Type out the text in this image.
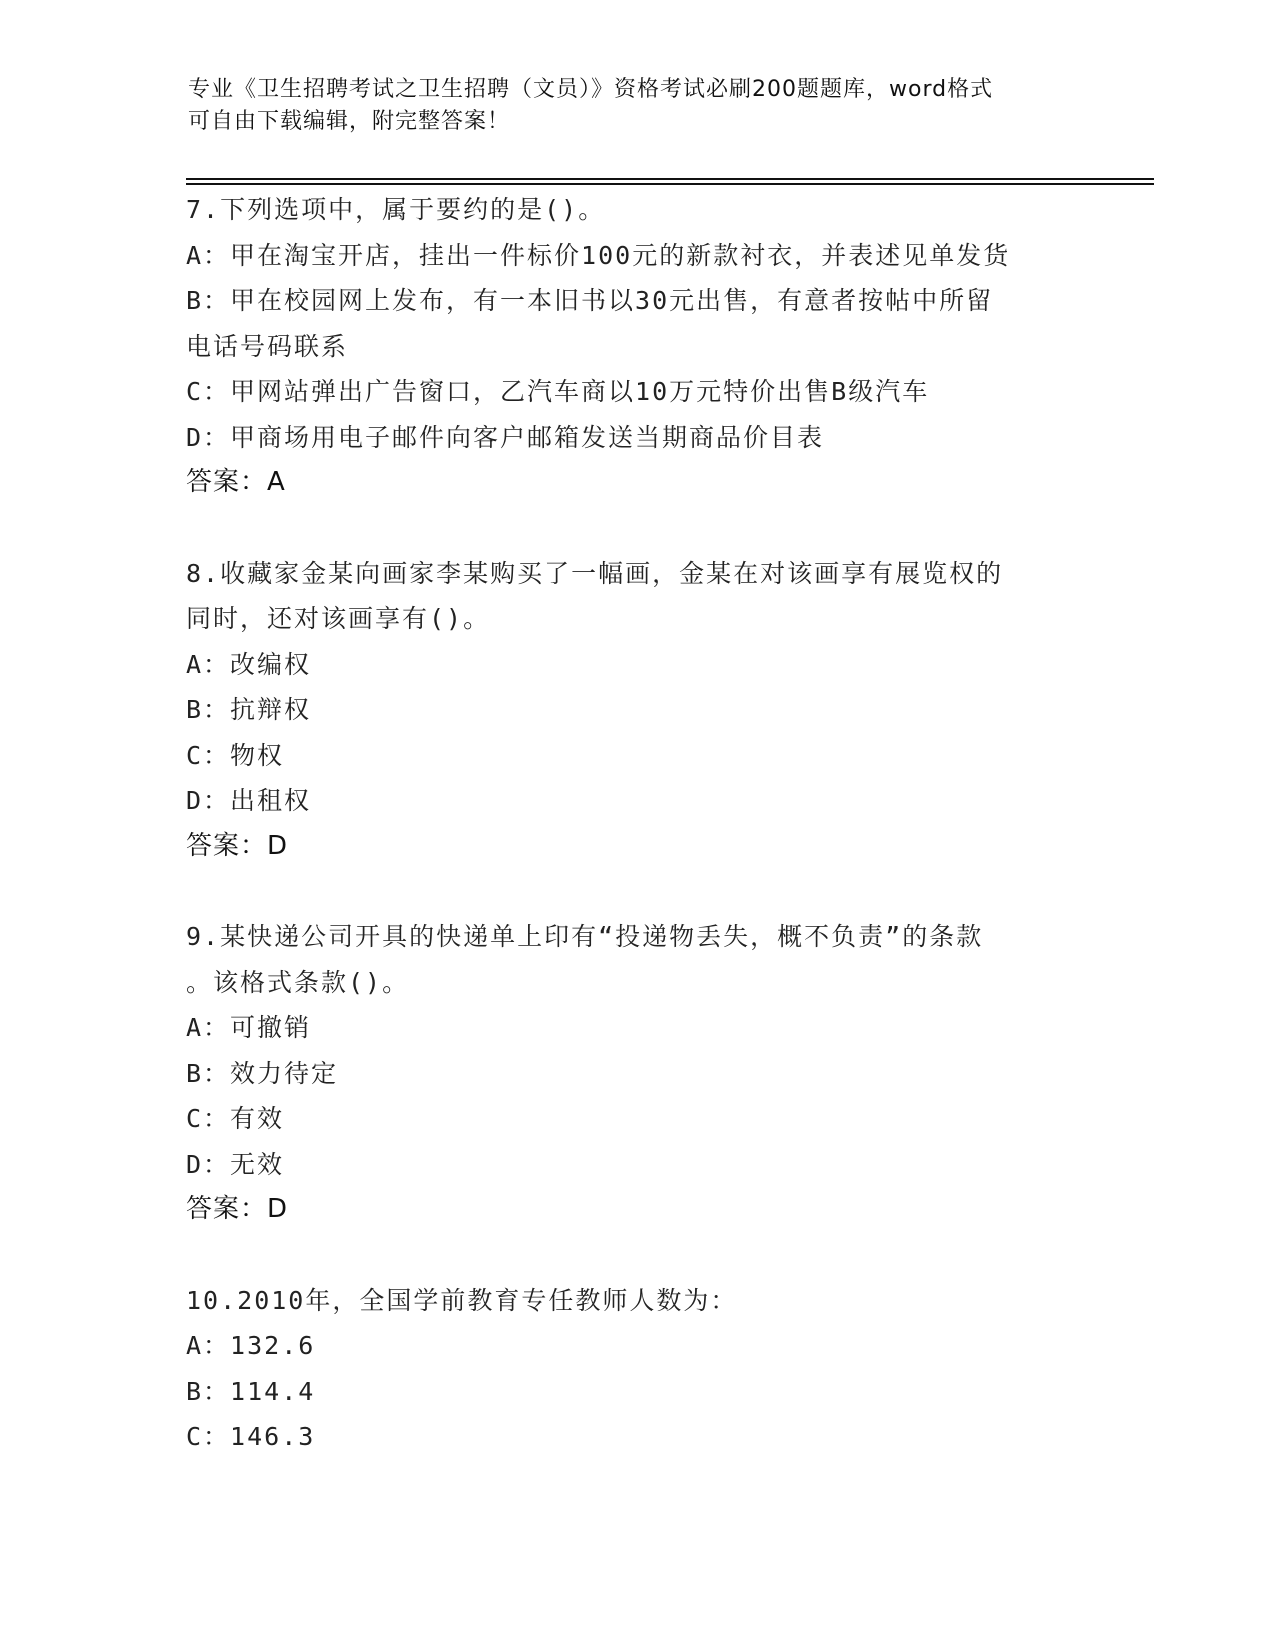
专业《卫生招聘考试之卫生招聘（文员）》资格考试必刷200题题库，word格式
可自由下载编辑，附完整答案！
7.下列选项中，属于要约的是()。
A：甲在淘宝开店，挂出一件标价100元的新款衬衣，并表述见单发货
B：甲在校园网上发布，有一本旧书以30元出售，有意者按帖中所留
电话号码联系
C：甲网站弹出广告窗口，乙汽车商以10万元特价出售B级汽车
D：甲商场用电子邮件向客户邮箱发送当期商品价目表
答案：A
8.收藏家金某向画家李某购买了一幅画，金某在对该画享有展览权的
同时，还对该画享有()。
A：改编权
B：抗辩权
C：物权
D：出租权
答案：D
9.某快递公司开具的快递单上印有“投递物丢失，概不负责”的条款
。该格式条款()。
A：可撤销
B：效力待定
C：有效
D：无效
答案：D
10.2010年，全国学前教育专任教师人数为：
A：132.6
B：114.4
C：146.3
